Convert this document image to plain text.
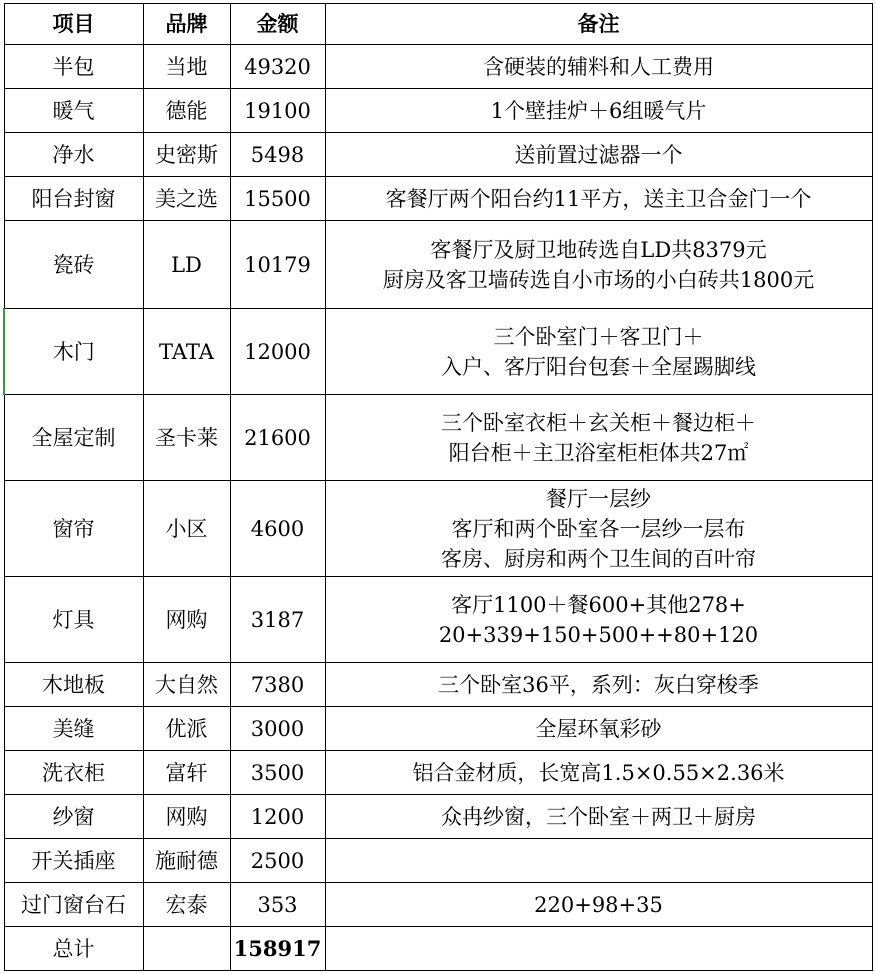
项目	品牌	金额	备注
半包	当地	49320	含硬装的辅料和人工费用

暖气	德能	19100	1个壁挂炉＋6组暖气片

净水	史密斯	5498	送前置过滤器一个

阳台封窗	美之选	15500	客餐厅两个阳台约11平方，送主卫合金门一个

瓷砖	LD	10179	客餐厅及厨卫地砖选自LD共8379元
厨房及客卫墙砖选自小市场的小白砖共1800元

木门	TATA	12000	三个卧室门＋客卫门＋
入户、客厅阳台包套＋全屋踢脚线

全屋定制	圣卡莱	21600	三个卧室衣柜＋玄关柜＋餐边柜＋
阳台柜＋主卫浴室柜柜体共27㎡

窗帘	小区	4600	餐厅一层纱
客厅和两个卧室各一层纱一层布
客房、厨房和两个卫生间的百叶帘

灯具	网购	3187	客厅1100＋餐600+其他278+
20+339+150+500++80+120

木地板	大自然	7380	三个卧室36平，系列：灰白穿梭季

美缝	优派	3000	全屋环氧彩砂

洗衣柜	富轩	3500	铝合金材质，长宽高1.5×0.55×2.36米

纱窗	网购	1200	众冉纱窗，三个卧室＋两卫＋厨房

开关插座	施耐德	2500	
过门窗台石	宏泰	353	220+98+35

总计		158917	
